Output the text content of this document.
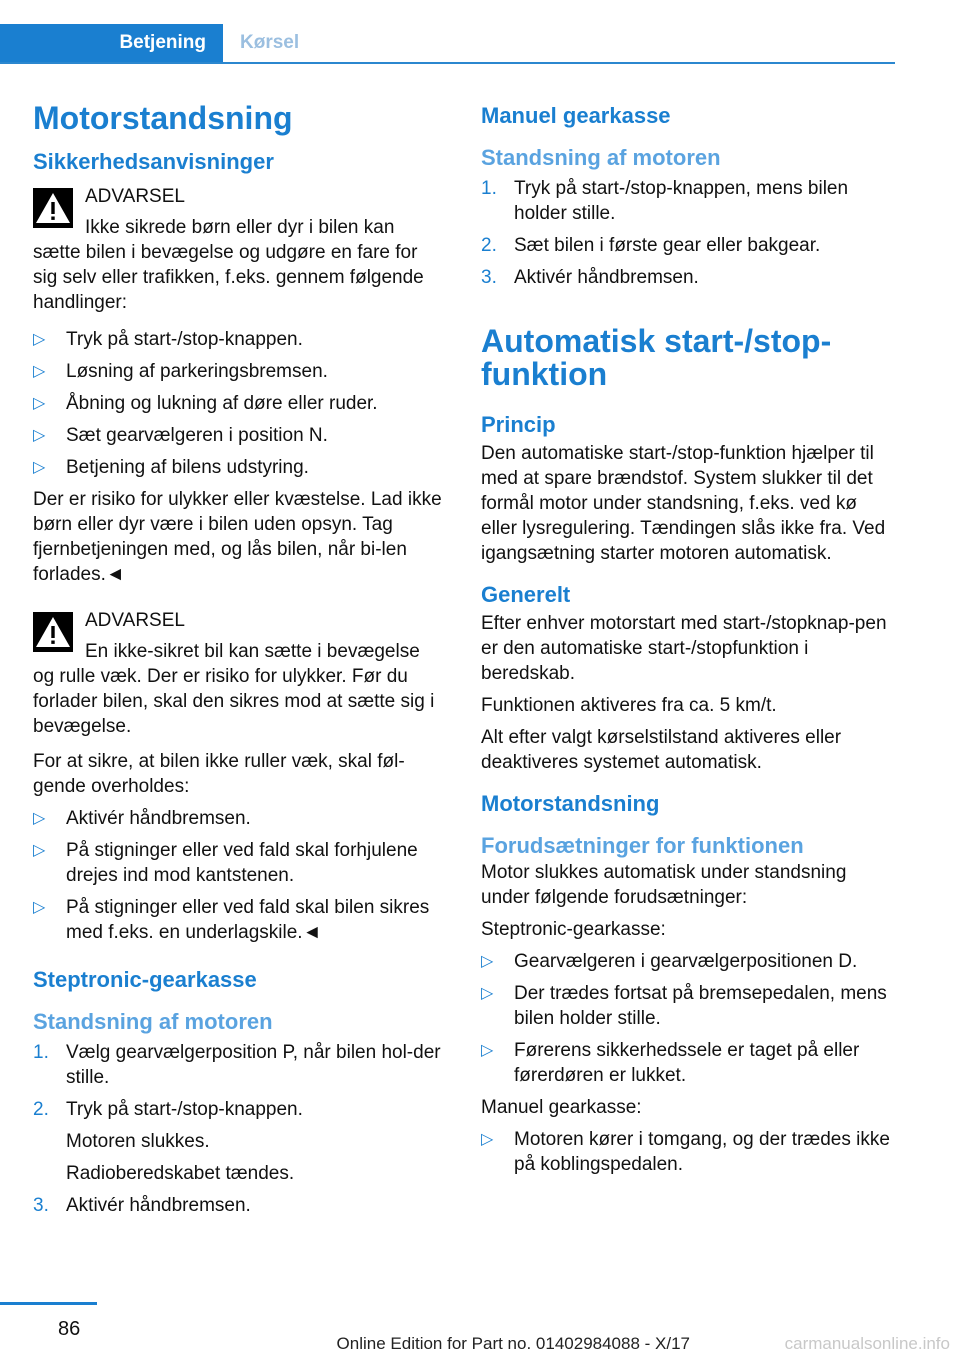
Betjening	Kørsel
Motorstandsning
Sikkerhedsanvisninger
ADVARSEL
Ikke sikrede børn eller dyr i bilen kan sætte bilen i bevægelse og udgøre en fare for sig selv eller trafikken, f.eks. gennem følgende handlinger:
▷ Tryk på start-/stop-knappen.
▷ Løsning af parkeringsbremsen.
▷ Åbning og lukning af døre eller ruder.
▷ Sæt gearvælgeren i position N.
▷ Betjening af bilens udstyring.

Der er risiko for ulykker eller kvæstelse. Lad ikke børn eller dyr være i bilen uden opsyn. Tag fjernbetjeningen med, og lås bilen, når bi-len forlades.◄

ADVARSEL
En ikke-sikret bil kan sætte i bevægelse og rulle væk. Der er risiko for ulykker. Før du forlader bilen, skal den sikres mod at sætte sig i bevægelse.

For at sikre, at bilen ikke ruller væk, skal føl-gende overholdes:

▷ Aktivér håndbremsen.
▷ På stigninger eller ved fald skal forhjulene drejes ind mod kantstenen.
▷ På stigninger eller ved fald skal bilen sikres med f.eks. en underlagskile.◄
Steptronic-gearkasse
Standsning af motoren
1. Vælg gearvælgerposition P, når bilen hol-der stille.
2. Tryk på start-/stop-knappen.
Motoren slukkes.
Radioberedskabet tændes.
3. Aktivér håndbremsen.
Manuel gearkasse
Standsning af motoren
1. Tryk på start-/stop-knappen, mens bilen holder stille.
2. Sæt bilen i første gear eller bakgear.
3. Aktivér håndbremsen.
Automatisk start-/stop-funktion
Princip

Den automatiske start-/stop-funktion hjælper til med at spare brændstof. System slukker til det formål motor under standsning, f.eks. ved kø eller lysregulering. Tændingen slås ikke fra. Ved igangsætning starter motoren automatisk.

Generelt

Efter enhver motorstart med start-/stopknap-pen er den automatiske start-/stopfunktion i beredskab.

Funktionen aktiveres fra ca. 5 km/t.

Alt efter valgt kørselstilstand aktiveres eller deaktiveres systemet automatisk.

Motorstandsning
Forudsætninger for funktionen

Motor slukkes automatisk under standsning under følgende forudsætninger:

Steptronic-gearkasse:

▷ Gearvælgeren i gearvælgerpositionen D.
▷ Der trædes fortsat på bremsepedalen, mens bilen holder stille.
▷ Førerens sikkerhedssele er taget på eller førerdøren er lukket.

Manuel gearkasse:

▷ Motoren kører i tomgang, og der trædes ikke på koblingspedalen.
86
Online Edition for Part no. 01402984088 - X/17	carmanualsonline.info
